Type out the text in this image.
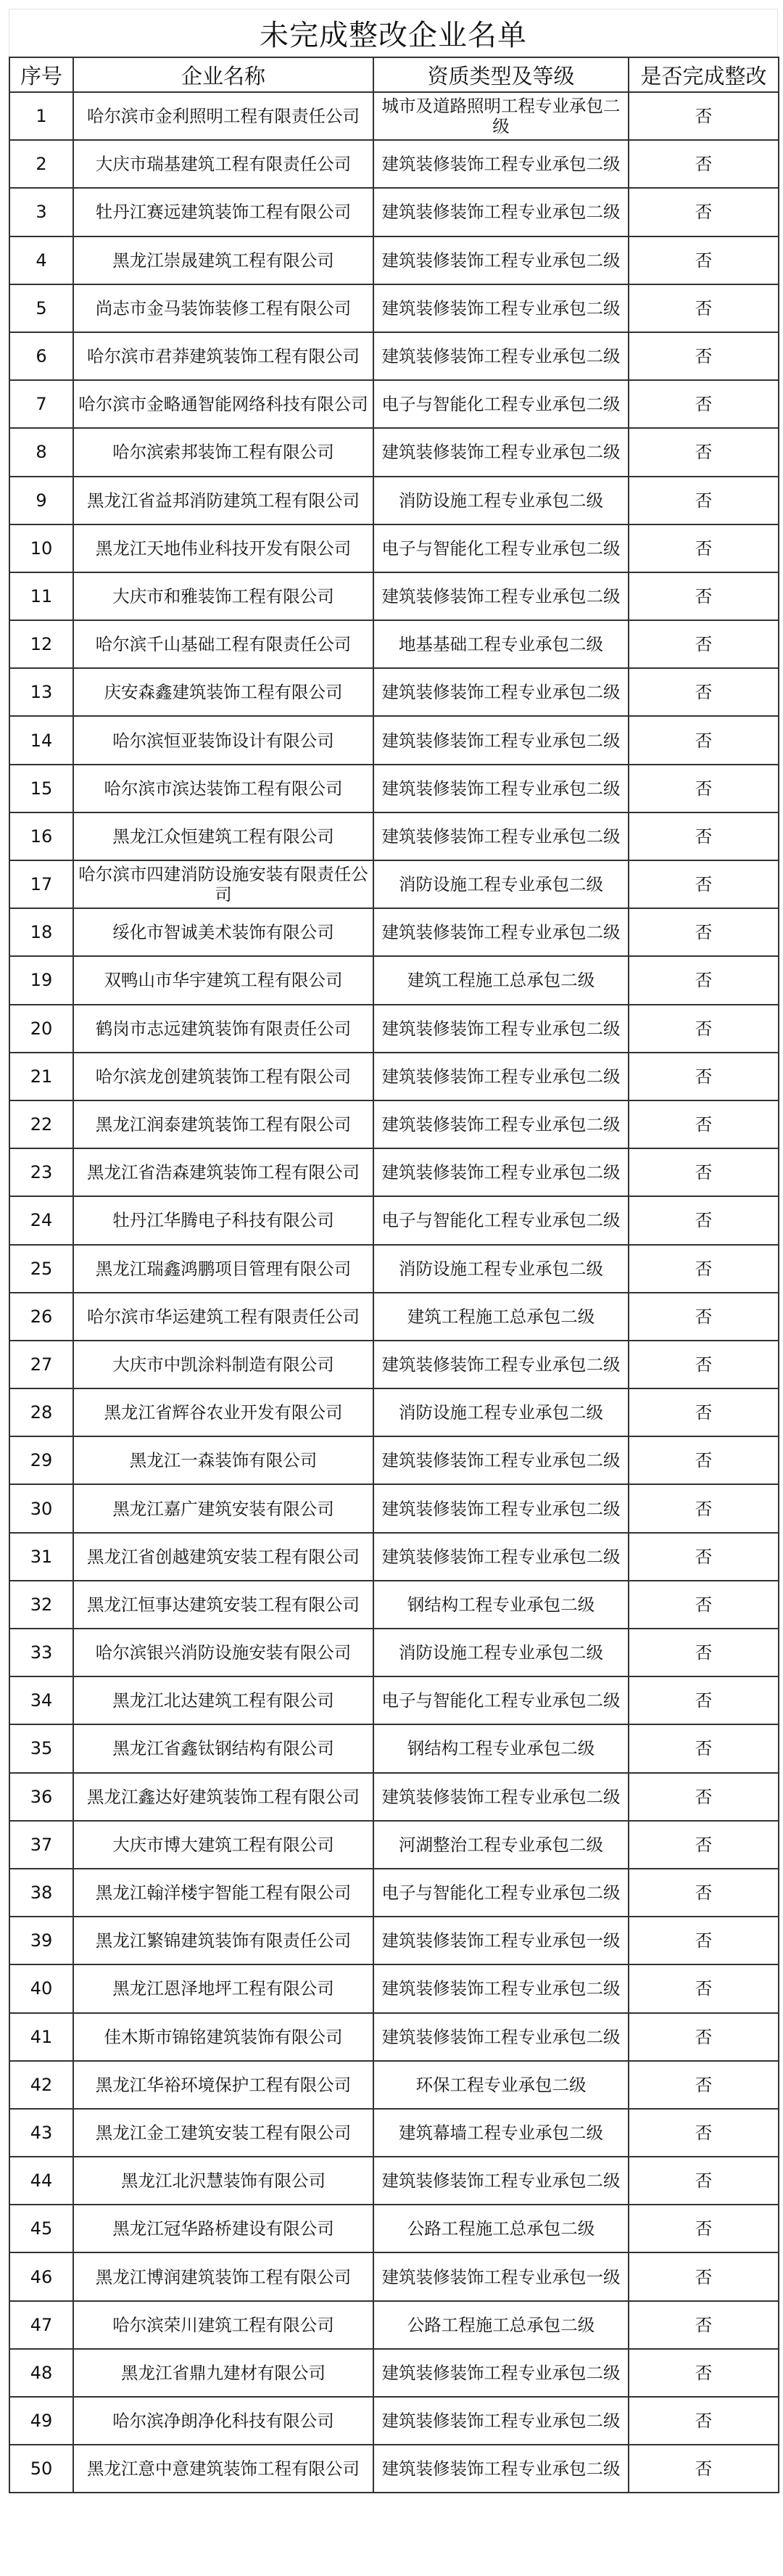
未完成整改企业名单
序号	企业名称	资质类型及等级	是否完成整改
1	哈尔滨市金利照明工程有限责任公司	城市及道路照明工程专业承包二级	否
2	大庆市瑞基建筑工程有限责任公司	建筑装修装饰工程专业承包二级	否
3	牡丹江赛远建筑装饰工程有限公司	建筑装修装饰工程专业承包二级	否
4	黑龙江崇晟建筑工程有限公司	建筑装修装饰工程专业承包二级	否
5	尚志市金马装饰装修工程有限公司	建筑装修装饰工程专业承包二级	否
6	哈尔滨市君莽建筑装饰工程有限公司	建筑装修装饰工程专业承包二级	否
7	哈尔滨市金略通智能网络科技有限公司	电子与智能化工程专业承包二级	否
8	哈尔滨索邦装饰工程有限公司	建筑装修装饰工程专业承包二级	否
9	黑龙江省益邦消防建筑工程有限公司	消防设施工程专业承包二级	否
10	黑龙江天地伟业科技开发有限公司	电子与智能化工程专业承包二级	否
11	大庆市和雅装饰工程有限公司	建筑装修装饰工程专业承包二级	否
12	哈尔滨千山基础工程有限责任公司	地基基础工程专业承包二级	否
13	庆安森鑫建筑装饰工程有限公司	建筑装修装饰工程专业承包二级	否
14	哈尔滨恒亚装饰设计有限公司	建筑装修装饰工程专业承包二级	否
15	哈尔滨市滨达装饰工程有限公司	建筑装修装饰工程专业承包二级	否
16	黑龙江众恒建筑工程有限公司	建筑装修装饰工程专业承包二级	否
17	哈尔滨市四建消防设施安装有限责任公司	消防设施工程专业承包二级	否
18	绥化市智诚美术装饰有限公司	建筑装修装饰工程专业承包二级	否
19	双鸭山市华宇建筑工程有限公司	建筑工程施工总承包二级	否
20	鹤岗市志远建筑装饰有限责任公司	建筑装修装饰工程专业承包二级	否
21	哈尔滨龙创建筑装饰工程有限公司	建筑装修装饰工程专业承包二级	否
22	黑龙江润泰建筑装饰工程有限公司	建筑装修装饰工程专业承包二级	否
23	黑龙江省浩森建筑装饰工程有限公司	建筑装修装饰工程专业承包二级	否
24	牡丹江华腾电子科技有限公司	电子与智能化工程专业承包二级	否
25	黑龙江瑞鑫鸿鹏项目管理有限公司	消防设施工程专业承包二级	否
26	哈尔滨市华运建筑工程有限责任公司	建筑工程施工总承包二级	否
27	大庆市中凯涂料制造有限公司	建筑装修装饰工程专业承包二级	否
28	黑龙江省辉谷农业开发有限公司	消防设施工程专业承包二级	否
29	黑龙江一森装饰有限公司	建筑装修装饰工程专业承包二级	否
30	黑龙江嘉广建筑安装有限公司	建筑装修装饰工程专业承包二级	否
31	黑龙江省创越建筑安装工程有限公司	建筑装修装饰工程专业承包二级	否
32	黑龙江恒事达建筑安装工程有限公司	钢结构工程专业承包二级	否
33	哈尔滨银兴消防设施安装有限公司	消防设施工程专业承包二级	否
34	黑龙江北达建筑工程有限公司	电子与智能化工程专业承包二级	否
35	黑龙江省鑫钛钢结构有限公司	钢结构工程专业承包二级	否
36	黑龙江鑫达好建筑装饰工程有限公司	建筑装修装饰工程专业承包二级	否
37	大庆市博大建筑工程有限公司	河湖整治工程专业承包二级	否
38	黑龙江翰洋楼宇智能工程有限公司	电子与智能化工程专业承包二级	否
39	黑龙江繁锦建筑装饰有限责任公司	建筑装修装饰工程专业承包一级	否
40	黑龙江恩泽地坪工程有限公司	建筑装修装饰工程专业承包二级	否
41	佳木斯市锦铭建筑装饰有限公司	建筑装修装饰工程专业承包二级	否
42	黑龙江华裕环境保护工程有限公司	环保工程专业承包二级	否
43	黑龙江金工建筑安装工程有限公司	建筑幕墙工程专业承包二级	否
44	黑龙江北沢慧装饰有限公司	建筑装修装饰工程专业承包二级	否
45	黑龙江冠华路桥建设有限公司	公路工程施工总承包二级	否
46	黑龙江博润建筑装饰工程有限公司	建筑装修装饰工程专业承包一级	否
47	哈尔滨荣川建筑工程有限公司	公路工程施工总承包二级	否
48	黑龙江省鼎九建材有限公司	建筑装修装饰工程专业承包二级	否
49	哈尔滨净朗净化科技有限公司	建筑装修装饰工程专业承包二级	否
50	黑龙江意中意建筑装饰工程有限公司	建筑装修装饰工程专业承包二级	否
